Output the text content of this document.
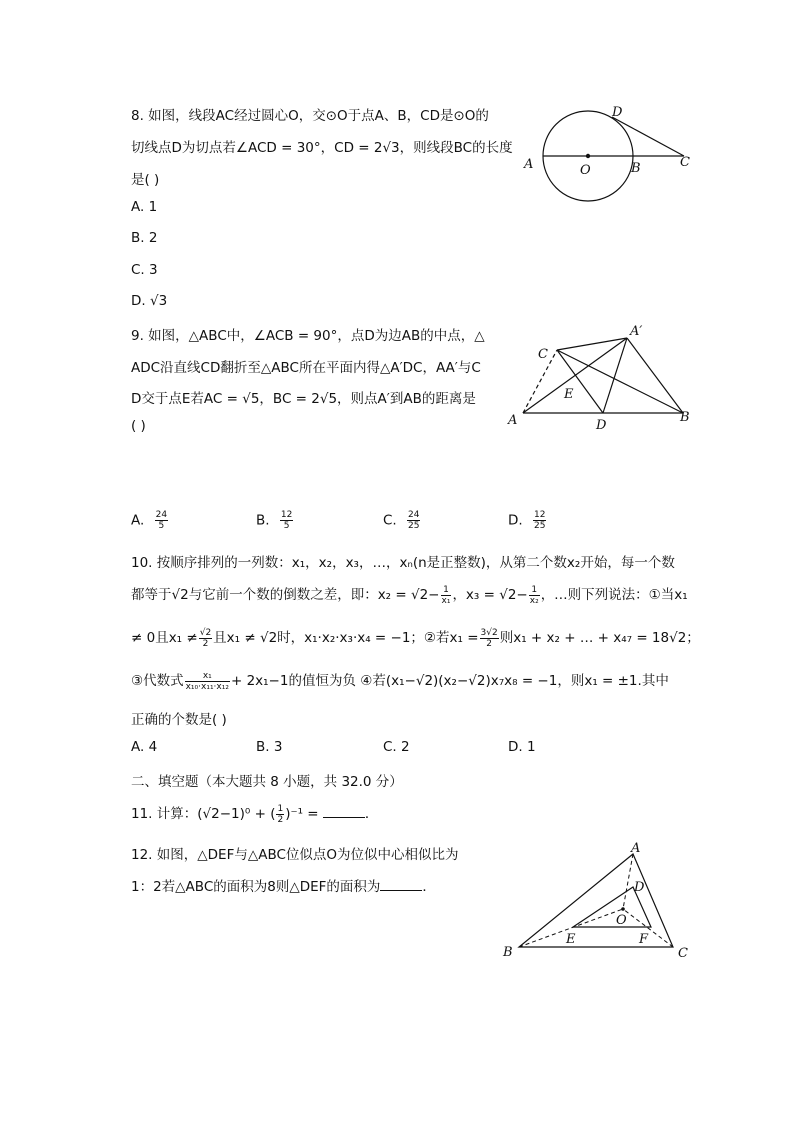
8. 如图，线段AC经过圆心O，交⊙O于点A、B，CD是⊙O的
切线点D为切点若∠ACD = 30°，CD = 2√3，则线段BC的长度
是( )
A. 1
B. 2
C. 3
D. √3
D
A	O	B	C
9. 如图，△ABC中，∠ACB = 90°，点D为边AB的中点，△
ADC沿直线CD翻折至△ABC所在平面内得△A′DC，AA′与C
D交于点E若AC = √5，BC = 2√5，则点A′到AB的距离是
( )
A′
C
E
A	D
B
A. $\frac{24}{5}$	B. $\frac{12}{5}$	C. $\frac{24}{25}$	D. $\frac{12}{25}$
10. 按顺序排列的一列数：x₁，x₂，x₃，…，xₙ(n是正整数)，从第二个数x₂开始，每一个数
都等于√2与它前一个数的倒数之差，即：$x_2 = √2- \frac{1}{\text{x₁}}$ ，$x_3 = √2- \frac{1}{\text{x₂}}$ ，…则下列说法：①当x₁
≠ 0且$x_1 \ne \frac{√2}{2}$ 且x₁ ≠ √2时，x₁·x₂·x₃·x₄ = −1；②若$x_1 = \frac{3√2}{2}$ 则x₁ + x₂ + … + x₄₇ = 18√2；
③代数式 $\frac{\text{x₁}}{\text{x₁₀·x₁₁·x₁₂}} + 2x_1-1$的值恒为负 ④若(x₁−√2)(x₂−√2)x₇x₈ = −1，则x₁ = ±1.其中
正确的个数是( )
A. 4	B. 3	C. 2	D. 1
二、填空题（本大题共 8 小题，共 32.0 分）
11. 计算：(√2−1)⁰ + ( $\frac{1}{2} )^{-1}$ =	．
12. 如图，△DEF与△ABC位似点O为位似中心相似比为
1：2若△ABC的面积为8则△DEF的面积为	．
A
D
O
E	F
B	C
